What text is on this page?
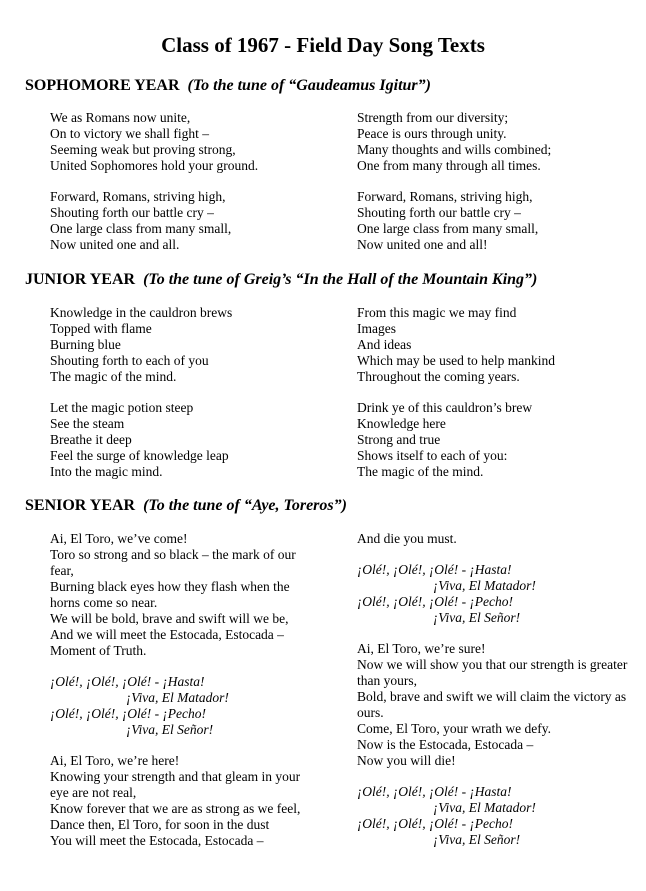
Class of 1967 - Field Day Song Texts
SOPHOMORE YEAR (To the tune of “Gaudeamus Igitur”)

We as Romans now unite,
On to victory we shall fight –
Seeming weak but proving strong,
United Sophomores hold your ground.

Forward, Romans, striving high,
Shouting forth our battle cry –
One large class from many small,
Now united one and all.

Strength from our diversity;
Peace is ours through unity.
Many thoughts and wills combined;
One from many through all times.

Forward, Romans, striving high,
Shouting forth our battle cry –
One large class from many small,
Now united one and all!

JUNIOR YEAR (To the tune of Greig’s “In the Hall of the Mountain King”)

Knowledge in the cauldron brews
Topped with flame
Burning blue
Shouting forth to each of you
The magic of the mind.

Let the magic potion steep
See the steam
Breathe it deep
Feel the surge of knowledge leap
Into the magic mind.

From this magic we may find
Images
And ideas
Which may be used to help mankind
Throughout the coming years.

Drink ye of this cauldron’s brew
Knowledge here
Strong and true
Shows itself to each of you:
The magic of the mind.

SENIOR YEAR (To the tune of “Aye, Toreros”)

Ai, El Toro, we’ve come!
Toro so strong and so black – the mark of our fear,
Burning black eyes how they flash when the horns come so near.
We will be bold, brave and swift will we be,
And we will meet the Estocada, Estocada –
Moment of Truth.

¡Olé!, ¡Olé!, ¡Olé! - ¡Hasta!
¡Viva, El Matador!
¡Olé!, ¡Olé!, ¡Olé! - ¡Pecho!
¡Viva, El Señor!

Ai, El Toro, we’re here!
Knowing your strength and that gleam in your eye are not real,
Know forever that we are as strong as we feel,
Dance then, El Toro, for soon in the dust
You will meet the Estocada, Estocada –

And die you must.

¡Olé!, ¡Olé!, ¡Olé! - ¡Hasta!
¡Viva, El Matador!
¡Olé!, ¡Olé!, ¡Olé! - ¡Pecho!
¡Viva, El Señor!

Ai, El Toro, we’re sure!
Now we will show you that our strength is greater than yours,
Bold, brave and swift we will claim the victory as ours.
Come, El Toro, your wrath we defy.
Now is the Estocada, Estocada –
Now you will die!

¡Olé!, ¡Olé!, ¡Olé! - ¡Hasta!
¡Viva, El Matador!
¡Olé!, ¡Olé!, ¡Olé! - ¡Pecho!
¡Viva, El Señor!
